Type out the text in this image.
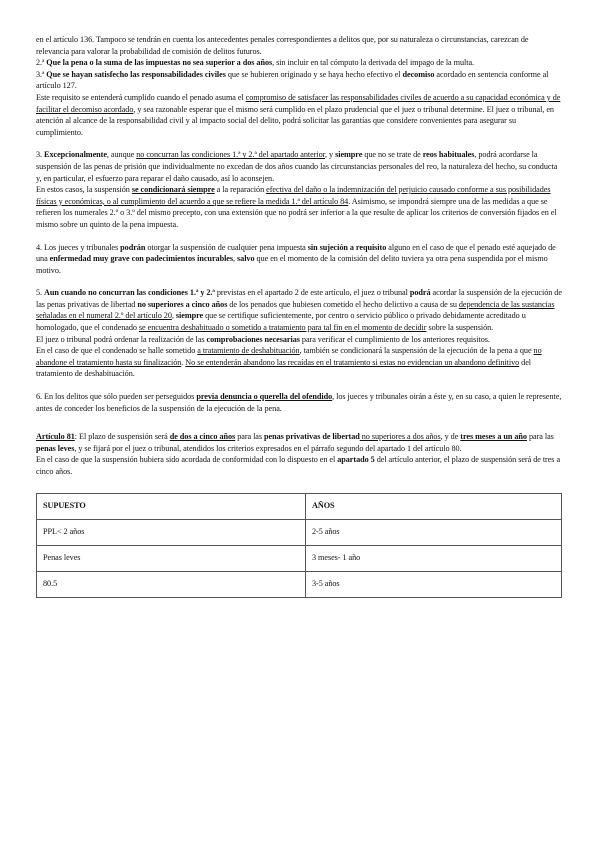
en el artículo 136. Tampoco se tendrán en cuenta los antecedentes penales correspondientes a delitos que, por su naturaleza o circunstancias, carezcan de relevancia para valorar la probabilidad de comisión de delitos futuros.

2.ª Que la pena o la suma de las impuestas no sea superior a dos años, sin incluir en tal cómputo la derivada del impago de la multa.

3.ª Que se hayan satisfecho las responsabilidades civiles que se hubieren originado y se haya hecho efectivo el decomiso acordado en sentencia conforme al artículo 127.

Este requisito se entenderá cumplido cuando el penado asuma el compromiso de satisfacer las responsabilidades civiles de acuerdo a su capacidad económica y de facilitar el decomiso acordado, y sea razonable esperar que el mismo será cumplido en el plazo prudencial que el juez o tribunal determine. El juez o tribunal, en atención al alcance de la responsabilidad civil y al impacto social del delito, podrá solicitar las garantías que considere convenientes para asegurar su cumplimiento.

3. Excepcionalmente, aunque no concurran las condiciones 1.ª y 2.ª del apartado anterior, y siempre que no se trate de reos habituales, podrá acordarse la suspensión de las penas de prisión que individualmente no excedan de dos años cuando las circunstancias personales del reo, la naturaleza del hecho, su conducta y, en particular, el esfuerzo para reparar el daño causado, así lo aconsejen.

En estos casos, la suspensión se condicionará siempre a la reparación efectiva del daño o la indemnización del perjuicio causado conforme a sus posibilidades físicas y económicas, o al cumplimiento del acuerdo a que se refiere la medida 1.ª del artículo 84. Asimismo, se impondrá siempre una de las medidas a que se refieren los numerales 2.º o 3.º del mismo precepto, con una extensión que no podrá ser inferior a la que resulte de aplicar los criterios de conversión fijados en el mismo sobre un quinto de la pena impuesta.

4. Los jueces y tribunales podrán otorgar la suspensión de cualquier pena impuesta sin sujeción a requisito alguno en el caso de que el penado esté aquejado de una enfermedad muy grave con padecimientos incurables, salvo que en el momento de la comisión del delito tuviera ya otra pena suspendida por el mismo motivo.

5. Aun cuando no concurran las condiciones 1.ª y 2.ª previstas en el apartado 2 de este artículo, el juez o tribunal podrá acordar la suspensión de la ejecución de las penas privativas de libertad no superiores a cinco años de los penados que hubiesen cometido el hecho delictivo a causa de su dependencia de las sustancias señaladas en el numeral 2.º del artículo 20, siempre que se certifique suficientemente, por centro o servicio público o privado debidamente acreditado u homologado, que el condenado se encuentra deshabituado o sometido a tratamiento para tal fin en el momento de decidir sobre la suspensión.

El juez o tribunal podrá ordenar la realización de las comprobaciones necesarias para verificar el cumplimiento de los anteriores requisitos.

En el caso de que el condenado se halle sometido a tratamiento de deshabituación, también se condicionará la suspensión de la ejecución de la pena a que no abandone el tratamiento hasta su finalización. No se entenderán abandono las recaídas en el tratamiento si estas no evidencian un abandono definitivo del tratamiento de deshabituación.

6. En los delitos que sólo pueden ser perseguidos previa denuncia o querella del ofendido, los jueces y tribunales oirán a éste y, en su caso, a quien le represente, antes de conceder los beneficios de la suspensión de la ejecución de la pena.

Artículo 81: El plazo de suspensión será de dos a cinco años para las penas privativas de libertad no superiores a dos años, y de tres meses a un año para las penas leves, y se fijará por el juez o tribunal, atendidos los criterios expresados en el párrafo segundo del apartado 1 del artículo 80.

En el caso de que la suspensión hubiera sido acordada de conformidad con lo dispuesto en el apartado 5 del artículo anterior, el plazo de suspensión será de tres a cinco años.

SUPUESTO	AÑOS
PPL< 2 años	2-5 años
Penas leves	3 meses- 1 año
80.5	3-5 años
